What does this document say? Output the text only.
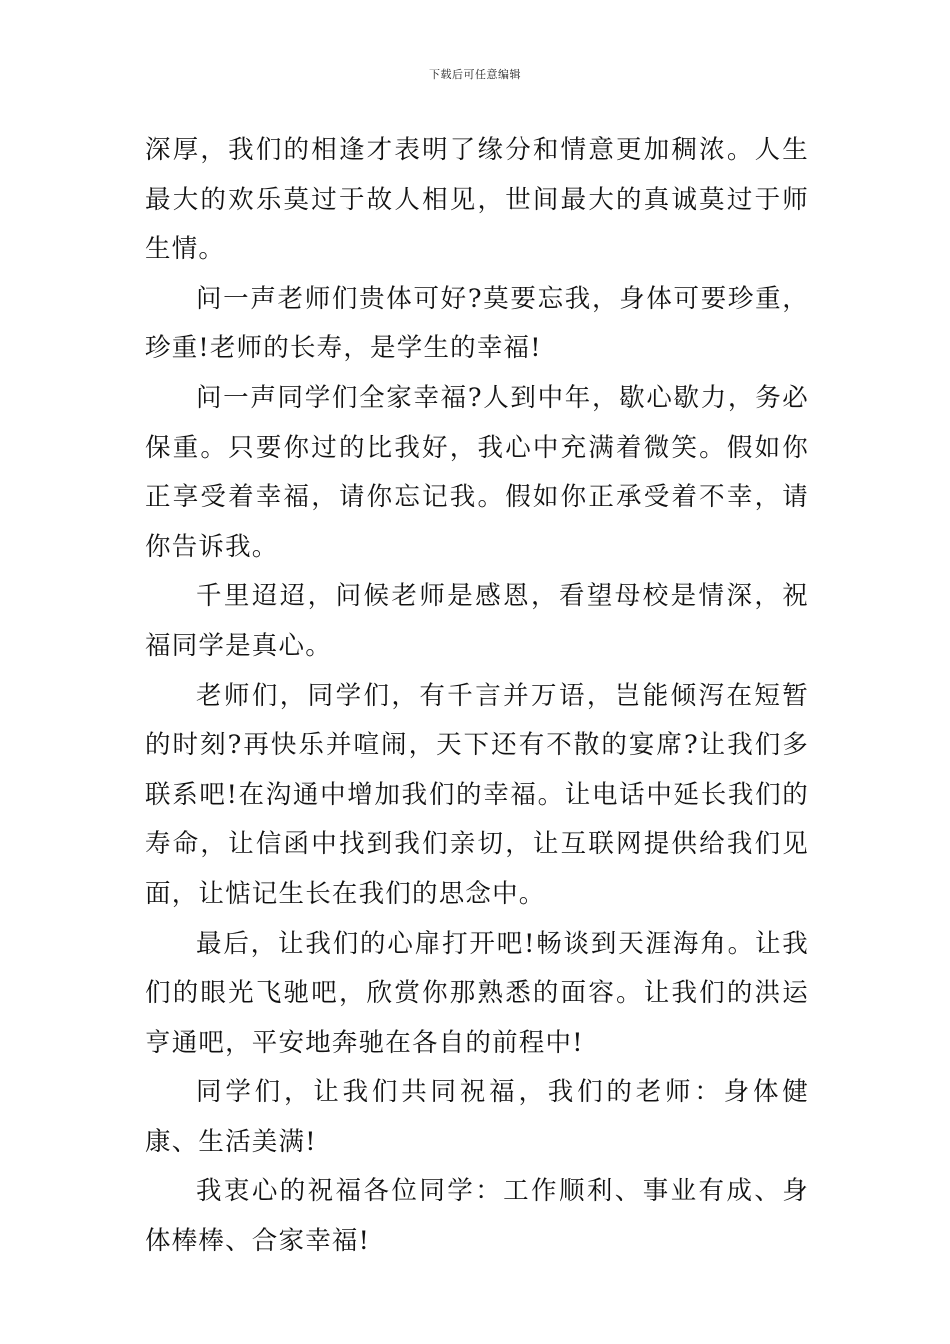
下载后可任意编辑

深厚，我们的相逢才表明了缘分和情意更加稠浓。人生最大的欢乐莫过于故人相见，世间最大的真诚莫过于师生情。

问一声老师们贵体可好?莫要忘我，身体可要珍重，珍重!老师的长寿，是学生的幸福!

问一声同学们全家幸福?人到中年，歇心歇力，务必保重。只要你过的比我好，我心中充满着微笑。假如你正享受着幸福，请你忘记我。假如你正承受着不幸，请你告诉我。

千里迢迢，问候老师是感恩，看望母校是情深，祝福同学是真心。

老师们，同学们，有千言并万语，岂能倾泻在短暂的时刻?再快乐并喧闹，天下还有不散的宴席?让我们多联系吧!在沟通中增加我们的幸福。让电话中延长我们的寿命，让信函中找到我们亲切，让互联网提供给我们见面，让惦记生长在我们的思念中。

最后，让我们的心扉打开吧!畅谈到天涯海角。让我们的眼光飞驰吧，欣赏你那熟悉的面容。让我们的洪运亨通吧，平安地奔驰在各自的前程中!

同学们，让我们共同祝福，我们的老师：身体健康、生活美满!

我衷心的祝福各位同学：工作顺利、事业有成、身体棒棒、合家幸福!
